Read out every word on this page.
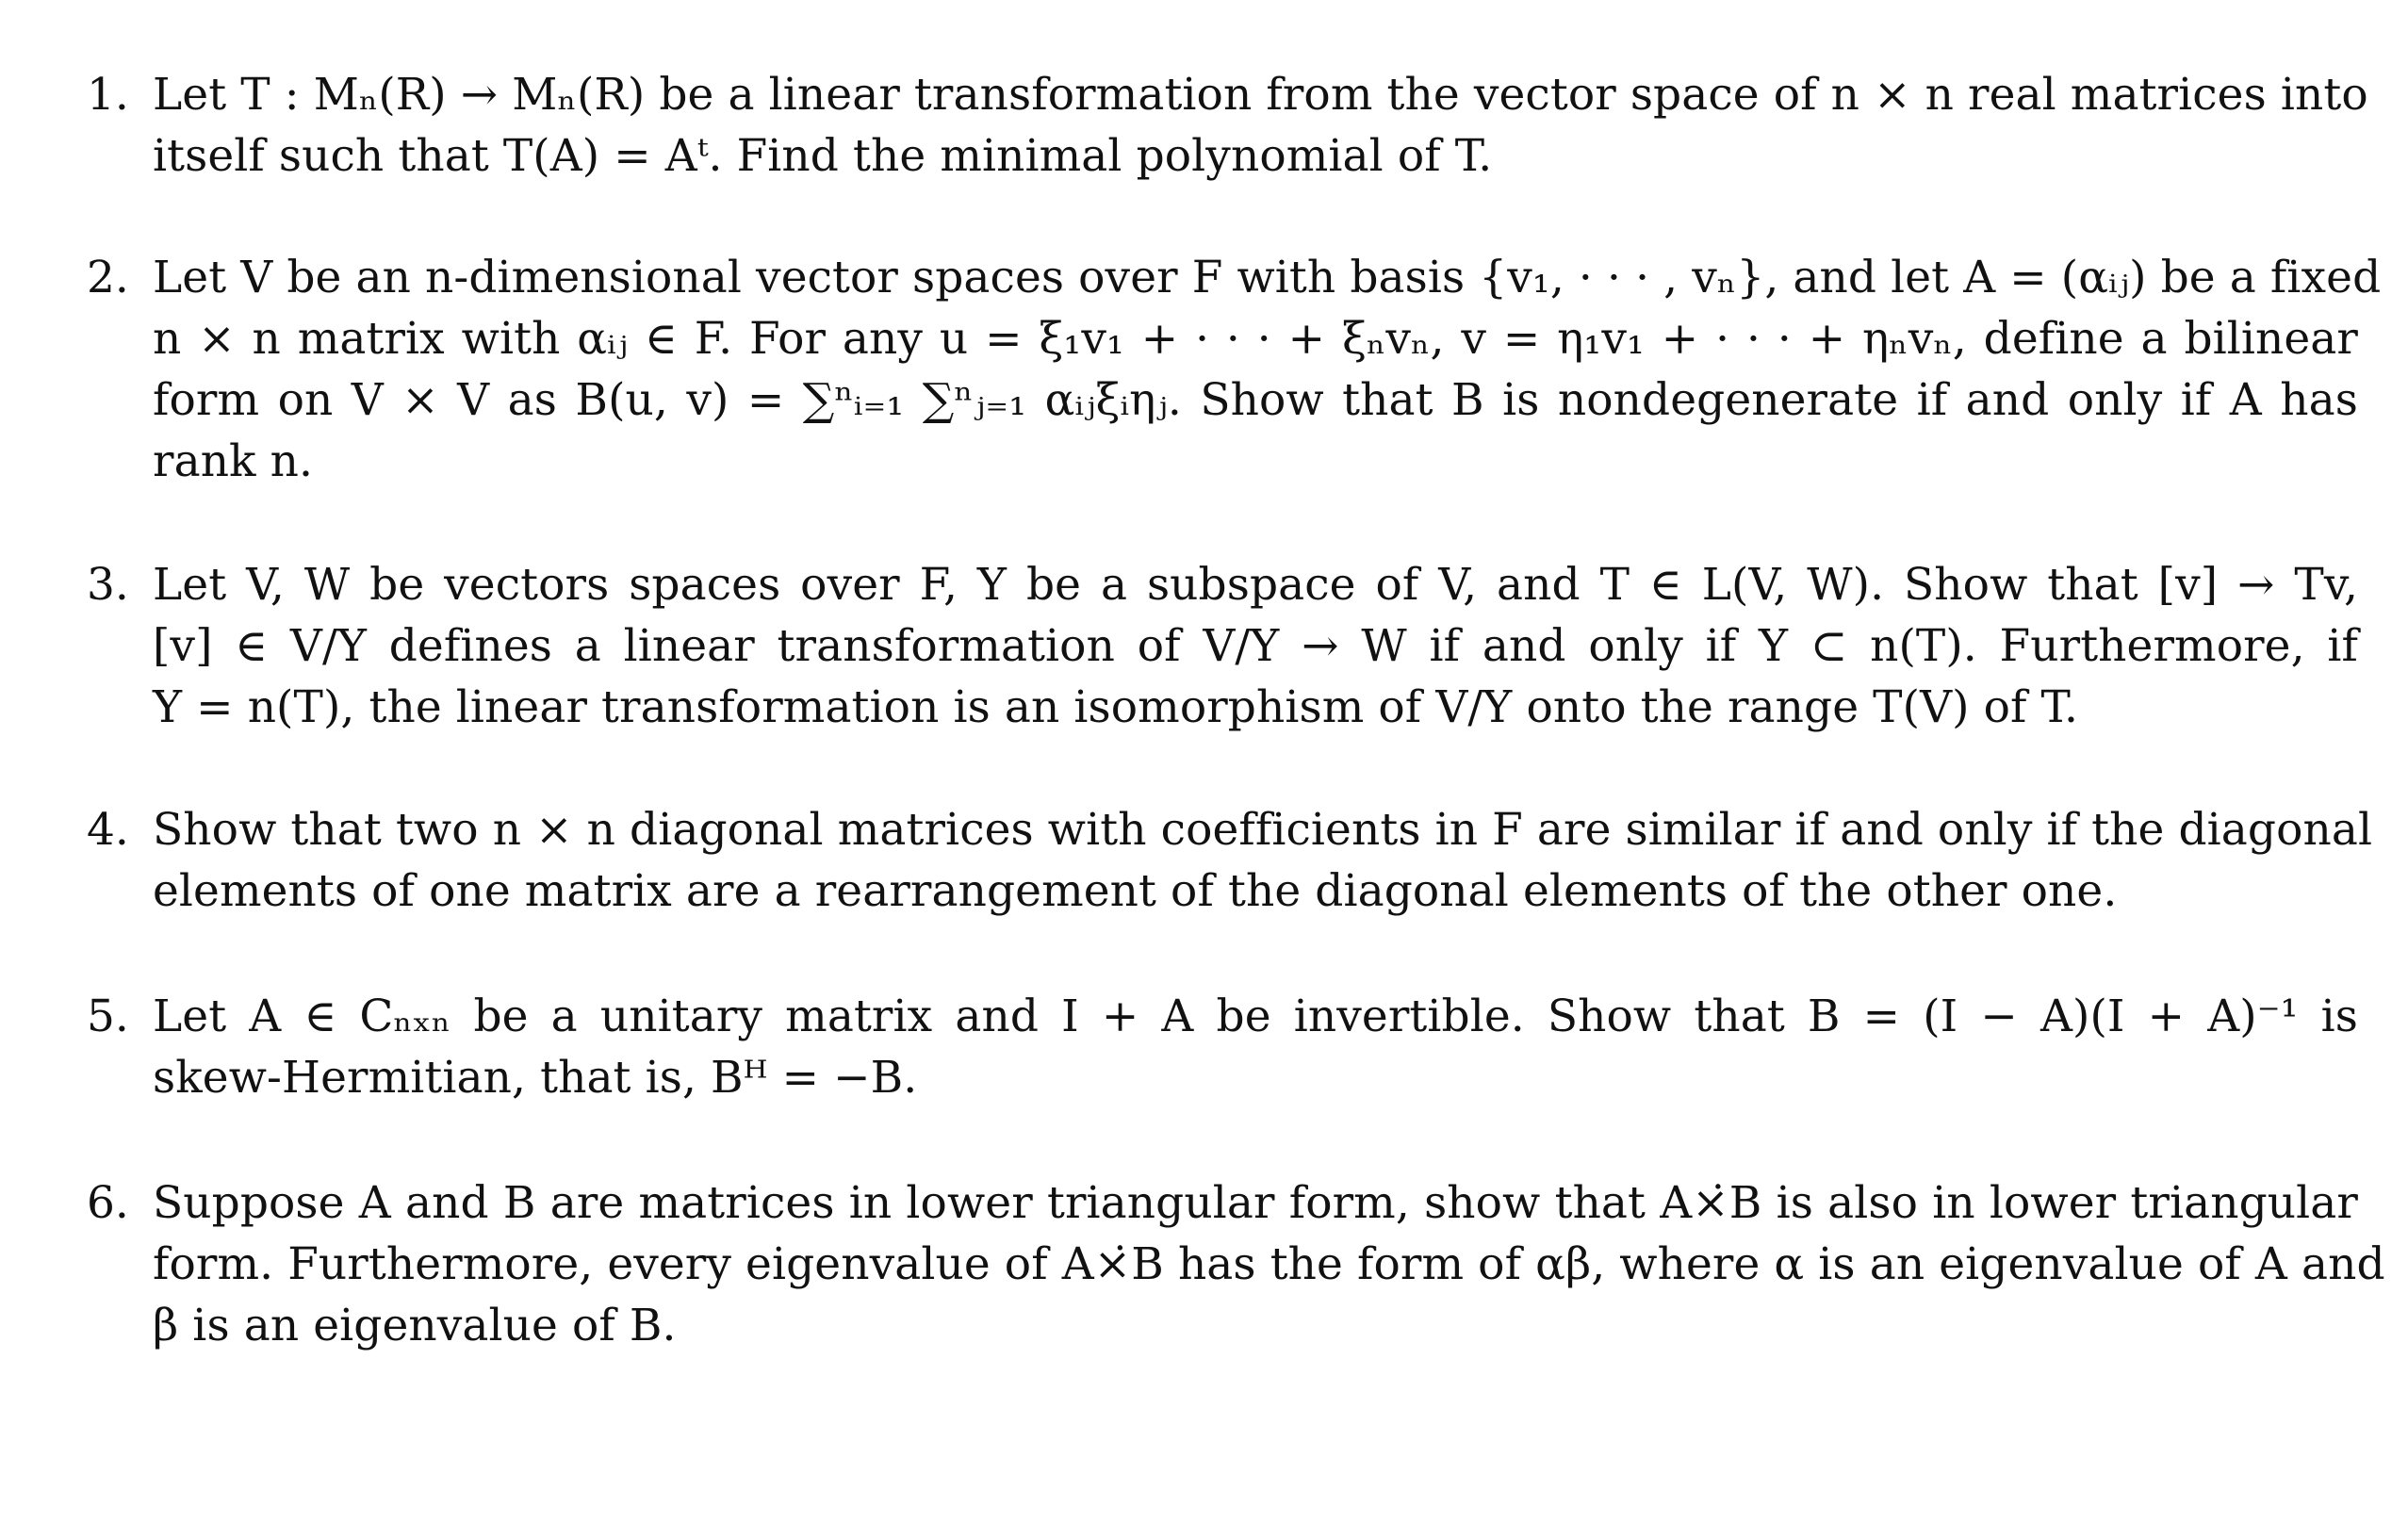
1. Let T : Mₙ(R) → Mₙ(R) be a linear transformation from the vector space of n × n real matrices into
itself such that T(A) = Aᵗ. Find the minimal polynomial of T.
2. Let V be an n-dimensional vector spaces over F with basis {v₁, · · · , vₙ}, and let A = (αᵢⱼ) be a fixed
n × n matrix with αᵢⱼ ∈ F. For any u = ξ₁v₁ + · · · + ξₙvₙ, v = η₁v₁ + · · · + ηₙvₙ, define a bilinear
form on V × V as B(u, v) = ∑ⁿᵢ₌₁ ∑ⁿⱼ₌₁ αᵢⱼξᵢηⱼ. Show that B is nondegenerate if and only if A has
rank n.
3. Let V, W be vectors spaces over F, Y be a subspace of V, and T ∈ L(V, W). Show that [v] → Tv,
[v] ∈ V/Y defines a linear transformation of V/Y → W if and only if Y ⊂ n(T). Furthermore, if
Y = n(T), the linear transformation is an isomorphism of V/Y onto the range T(V) of T.
4. Show that two n × n diagonal matrices with coefficients in F are similar if and only if the diagonal
elements of one matrix are a rearrangement of the diagonal elements of the other one.
5. Let A ∈ Cₙₓₙ be a unitary matrix and I + A be invertible. Show that B = (I − A)(I + A)⁻¹ is
skew-Hermitian, that is, Bᴴ = −B.
6. Suppose A and B are matrices in lower triangular form, show that A×̇B is also in lower triangular
form. Furthermore, every eigenvalue of A×̇B has the form of αβ, where α is an eigenvalue of A and
β is an eigenvalue of B.
